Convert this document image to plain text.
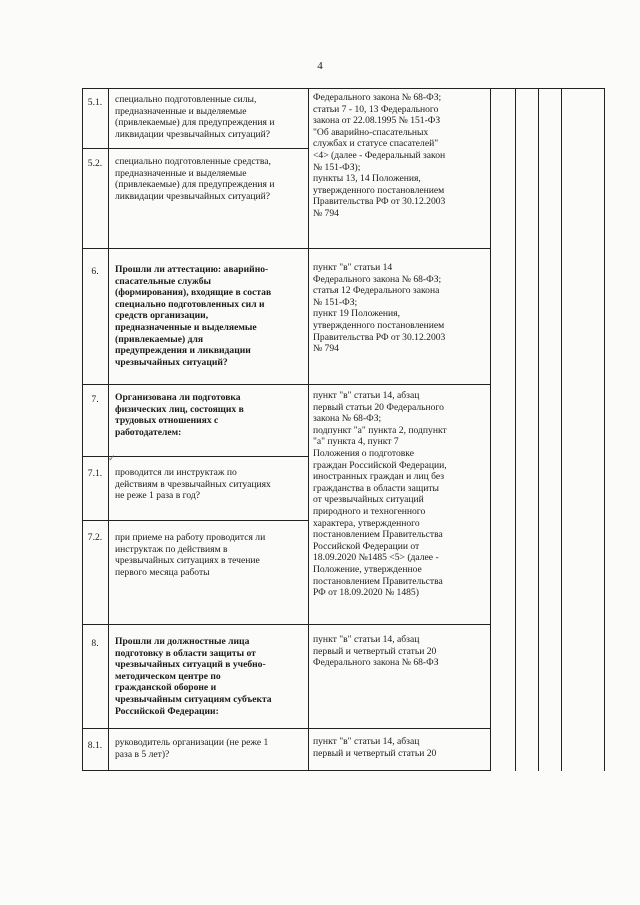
4
5.1.
5.2.
6.
7.
7.1.
7.2.
8.
8.1.
специально подготовленные силы,
предназначенные и выделяемые
(привлекаемые) для предупреждения и
ликвидации чрезвычайных ситуаций?
специально подготовленные средства,
предназначенные и выделяемые
(привлекаемые) для предупреждения и
ликвидации чрезвычайных ситуаций?
Прошли ли аттестацию: аварийно-
спасательные службы
(формирования), входящие в состав
специально подготовленных сил и
средств организации,
предназначенные и выделяемые
(привлекаемые) для
предупреждения и ликвидации
чрезвычайных ситуаций?
Организована ли подготовка
физических лиц, состоящих в
трудовых отношениях с
работодателем:
проводится ли инструктаж по
действиям в чрезвычайных ситуациях
не реже 1 раза в год?
при приеме на работу проводится ли
инструктаж по действиям в
чрезвычайных ситуациях в течение
первого месяца работы
Прошли ли должностные лица
подготовку в области защиты от
чрезвычайных ситуаций в учебно-
методическом центре по
гражданской обороне и
чрезвычайным ситуациям субъекта
Российской Федерации:
руководитель организации (не реже 1
раза в 5 лет)?
Федерального закона № 68-ФЗ;
статьи 7 - 10, 13 Федерального
закона от 22.08.1995 № 151-ФЗ
"Об аварийно-спасательных
службах и статусе спасателей"
<4> (далее - Федеральный закон
№ 151-ФЗ);
пункты 13, 14 Положения,
утвержденного постановлением
Правительства РФ от 30.12.2003
№ 794
пункт "в" статьи 14
Федерального закона № 68-ФЗ;
статья 12 Федерального закона
№ 151-ФЗ;
пункт 19 Положения,
утвержденного постановлением
Правительства РФ от 30.12.2003
№ 794
пункт "в" статьи 14, абзац
первый статьи 20 Федерального
закона № 68-ФЗ;
подпункт "а" пункта 2, подпункт
"а" пункта 4, пункт 7
Положения о подготовке
граждан Российской Федерации,
иностранных граждан и лиц без
гражданства в области защиты
от чрезвычайных ситуаций
природного и техногенного
характера, утвержденного
постановлением Правительства
Российской Федерации от
18.09.2020 №1485 <5> (далее -
Положение, утвержденное
постановлением Правительства
РФ от 18.09.2020 № 1485)
пункт "в" статьи 14, абзац
первый и четвертый статьи 20
Федерального закона № 68-ФЗ
пункт "в" статьи 14, абзац
первый и четвертый статьи 20
✓
